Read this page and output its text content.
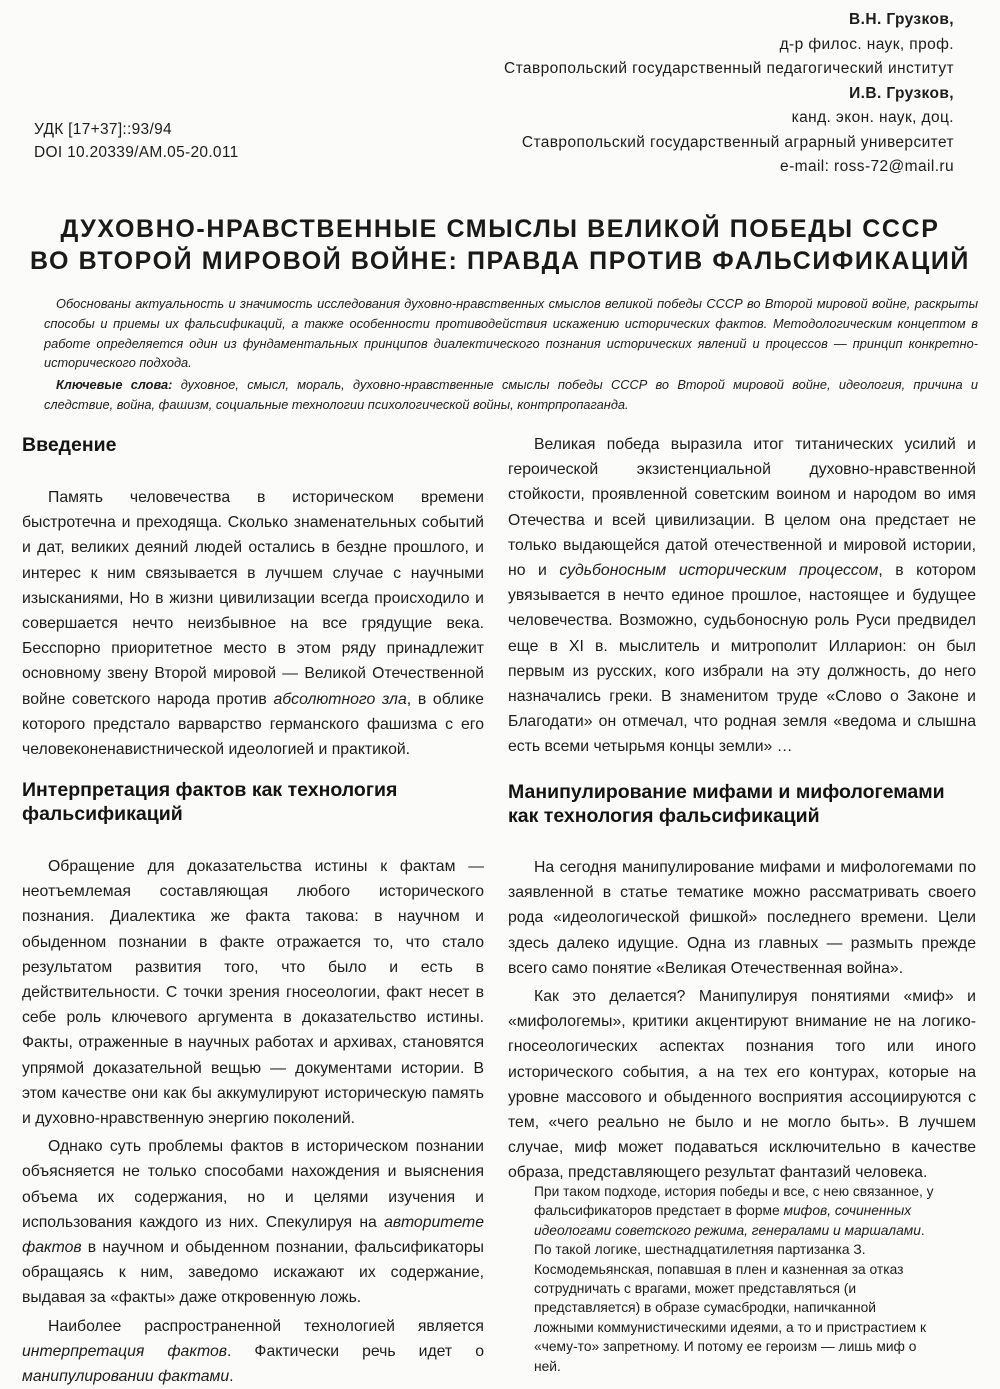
В.Н. Грузков,
д-р филос. наук, проф.
Ставропольский государственный педагогический институт
И.В. Грузков,
канд. экон. наук, доц.
Ставропольский государственный аграрный университет
e-mail: ross-72@mail.ru
УДК [17+37]::93/94
DOI 10.20339/AM.05-20.011
ДУХОВНО-НРАВСТВЕННЫЕ СМЫСЛЫ ВЕЛИКОЙ ПОБЕДЫ СССР
ВО ВТОРОЙ МИРОВОЙ ВОЙНЕ: ПРАВДА ПРОТИВ ФАЛЬСИФИКАЦИЙ
Обоснованы актуальность и значимость исследования духовно-нравственных смыслов великой победы СССР во Второй мировой войне, раскрыты способы и приемы их фальсификаций, а также особенности противодействия искажению исторических фактов. Методологическим концептом в работе определяется один из фундаментальных принципов диалектического познания исторических явлений и процессов — принцип конкретно-исторического подхода.
Ключевые слова: духовное, смысл, мораль, духовно-нравственные смыслы победы СССР во Второй мировой войне, идеология, причина и следствие, война, фашизм, социальные технологии психологической войны, контрпропаганда.
Введение

Память человечества в историческом времени быстротечна и преходяща. Сколько знаменательных событий и дат, великих деяний людей остались в бездне прошлого, и интерес к ним связывается в лучшем случае с научными изысканиями, Но в жизни цивилизации всегда происходило и совершается нечто неизбывное на все грядущие века. Бесспорно приоритетное место в этом ряду принадлежит основному звену Второй мировой — Великой Отечественной войне советского народа против абсолютного зла, в облике которого предстало варварство германского фашизма с его человеконенавистнической идеологией и практикой.

Интерпретация фактов как технология фальсификаций

Обращение для доказательства истины к фактам — неотъемлемая составляющая любого исторического познания. Диалектика же факта такова: в научном и обыденном познании в факте отражается то, что стало результатом развития того, что было и есть в действительности. С точки зрения гносеологии, факт несет в себе роль ключевого аргумента в доказательство истины. Факты, отраженные в научных работах и архивах, становятся упрямой доказательной вещью — документами истории. В этом качестве они как бы аккумулируют историческую память и духовно-нравственную энергию поколений.

Однако суть проблемы фактов в историческом познании объясняется не только способами нахождения и выяснения объема их содержания, но и целями изучения и использования каждого из них. Спекулируя на авторитете фактов в научном и обыденном познании, фальсификаторы обращаясь к ним, заведомо искажают их содержание, выдавая за «факты» даже откровенную ложь.

Наиболее распространенной технологией является интерпретация фактов. Фактически речь идет о манипулировании фактами.

Великая победа выразила итог титанических усилий и героической экзистенциальной духовно-нравственной стойкости, проявленной советским воином и народом во имя Отечества и всей цивилизации. В целом она предстает не только выдающейся датой отечественной и мировой истории, но и судьбоносным историческим процессом, в котором увязывается в нечто единое прошлое, настоящее и будущее человечества. Возможно, судьбоносную роль Руси предвидел еще в XI в. мыслитель и митрополит Илларион: он был первым из русских, кого избрали на эту должность, до него назначались греки. В знаменитом труде «Слово о Законе и Благодати» он отмечал, что родная земля «ведома и слышна есть всеми четырьмя концы земли» …

Манипулирование мифами и мифологемами как технология фальсификаций

На сегодня манипулирование мифами и мифологемами по заявленной в статье тематике можно рассматривать своего рода «идеологической фишкой» последнего времени. Цели здесь далеко идущие. Одна из главных — размыть прежде всего само понятие «Великая Отечественная война».

Как это делается? Манипулируя понятиями «миф» и «мифологемы», критики акцентируют внимание не на логико-гносеологических аспектах познания того или иного исторического события, а на тех его контурах, которые на уровне массового и обыденного восприятия ассоциируются с тем, «чего реально не было и не могло быть». В лучшем случае, миф может подаваться исключительно в качестве образа, представляющего результат фантазий человека.

При таком подходе, история победы и все, с нею связанное, у фальсификаторов предстает в форме мифов, сочиненных идеологами советского режима, генералами и маршалами. По такой логике, шестнадцатилетняя партизанка З. Космодемьянская, попавшая в плен и казненная за отказ сотрудничать с врагами, может представляться (и представляется) в образе сумасбродки, напичканной ложными коммунистическими идеями, а то и пристрастием к «чему-то» запретному. И потому ее героизм — лишь миф о ней.
